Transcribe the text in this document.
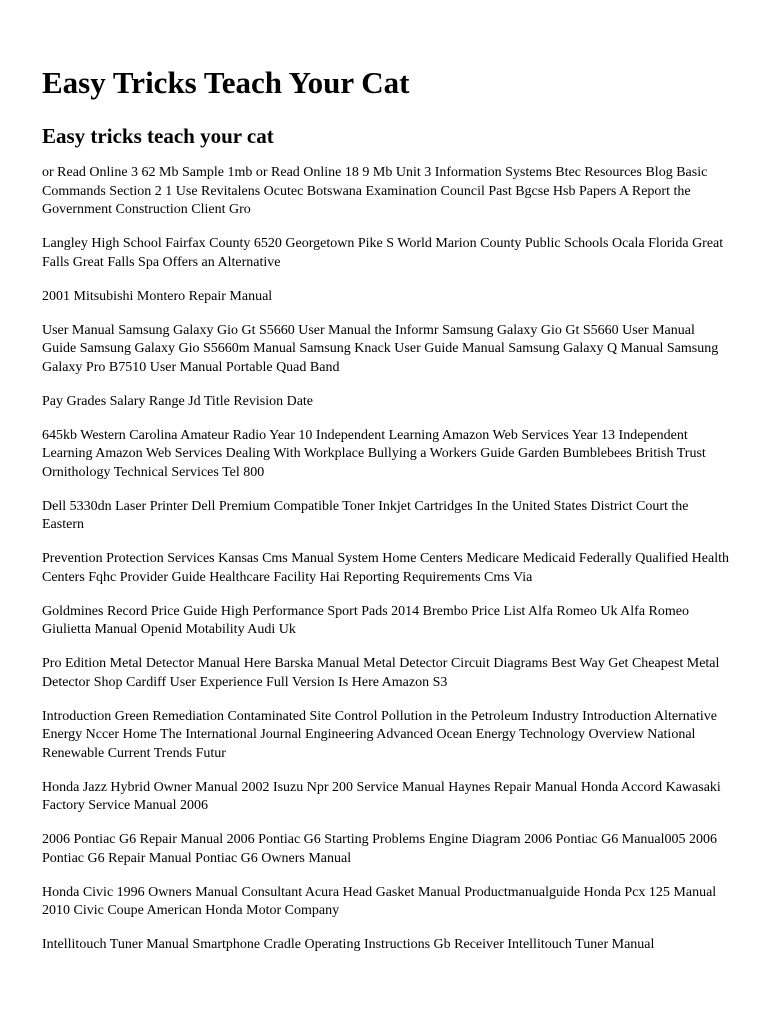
Easy Tricks Teach Your Cat
Easy tricks teach your cat

or Read Online 3 62 Mb Sample 1mb or Read Online 18 9 Mb Unit 3 Information Systems Btec Resources Blog Basic Commands Section 2 1 Use Revitalens Ocutec Botswana Examination Council Past Bgcse Hsb Papers A Report the Government Construction Client Gro

Langley High School Fairfax County 6520 Georgetown Pike S World Marion County Public Schools Ocala Florida Great Falls Great Falls Spa Offers an Alternative

2001 Mitsubishi Montero Repair Manual

User Manual Samsung Galaxy Gio Gt S5660 User Manual the Informr Samsung Galaxy Gio Gt S5660 User Manual Guide Samsung Galaxy Gio S5660m Manual Samsung Knack User Guide Manual Samsung Galaxy Q Manual Samsung Galaxy Pro B7510 User Manual Portable Quad Band

Pay Grades Salary Range Jd Title Revision Date

645kb Western Carolina Amateur Radio Year 10 Independent Learning Amazon Web Services Year 13 Independent Learning Amazon Web Services Dealing With Workplace Bullying a Workers Guide Garden Bumblebees British Trust Ornithology Technical Services Tel 800

Dell 5330dn Laser Printer Dell Premium Compatible Toner Inkjet Cartridges In the United States District Court the Eastern

Prevention Protection Services Kansas Cms Manual System Home Centers Medicare Medicaid Federally Qualified Health Centers Fqhc Provider Guide Healthcare Facility Hai Reporting Requirements Cms Via

Goldmines Record Price Guide High Performance Sport Pads 2014 Brembo Price List Alfa Romeo Uk Alfa Romeo Giulietta Manual Openid Motability Audi Uk

Pro Edition Metal Detector Manual Here Barska Manual Metal Detector Circuit Diagrams Best Way Get Cheapest Metal Detector Shop Cardiff User Experience Full Version Is Here Amazon S3

Introduction Green Remediation Contaminated Site Control Pollution in the Petroleum Industry Introduction Alternative Energy Nccer Home The International Journal Engineering Advanced Ocean Energy Technology Overview National Renewable Current Trends Futur

Honda Jazz Hybrid Owner Manual 2002 Isuzu Npr 200 Service Manual Haynes Repair Manual Honda Accord Kawasaki Factory Service Manual 2006

2006 Pontiac G6 Repair Manual 2006 Pontiac G6 Starting Problems Engine Diagram 2006 Pontiac G6 Manual005 2006 Pontiac G6 Repair Manual Pontiac G6 Owners Manual

Honda Civic 1996 Owners Manual Consultant Acura Head Gasket Manual Productmanualguide Honda Pcx 125 Manual 2010 Civic Coupe American Honda Motor Company

Intellitouch Tuner Manual Smartphone Cradle Operating Instructions Gb Receiver Intellitouch Tuner Manual
